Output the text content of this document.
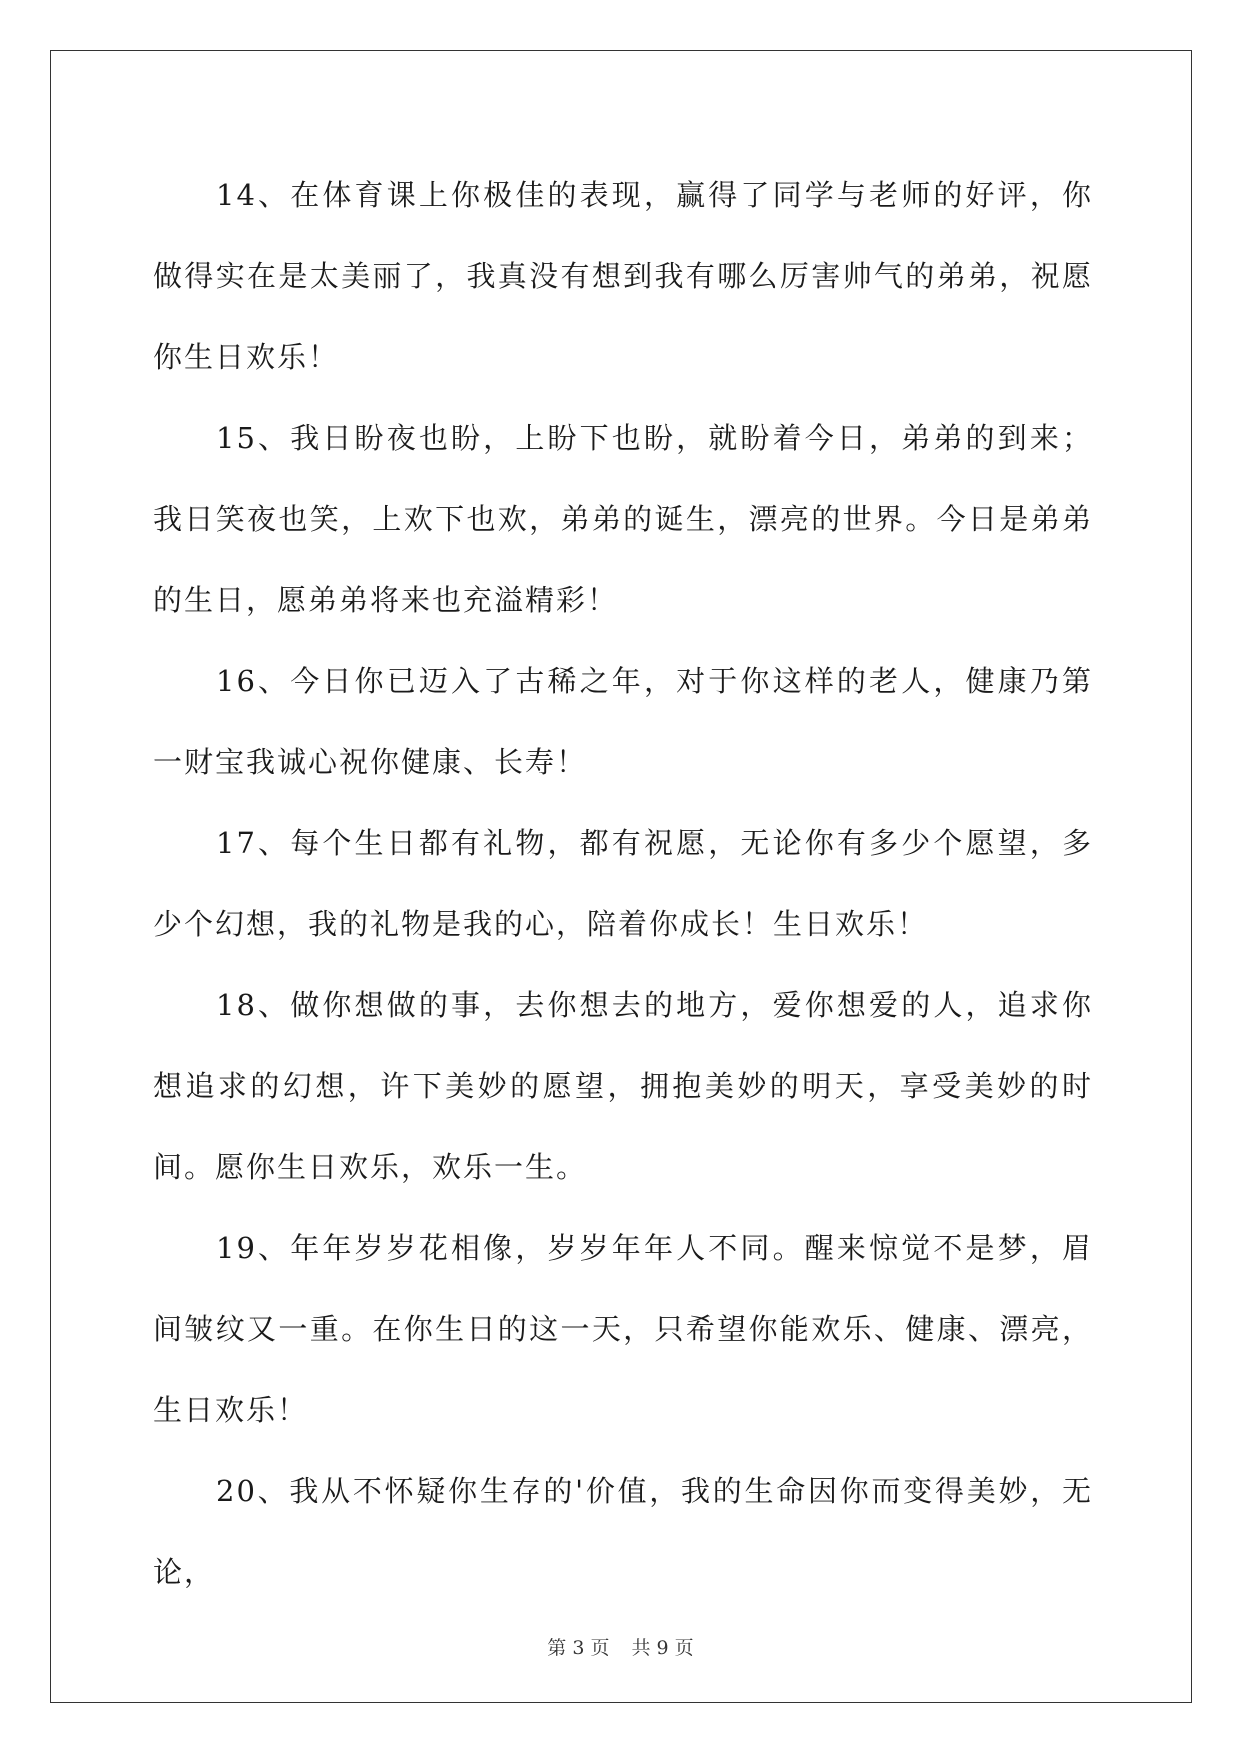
14、在体育课上你极佳的表现，赢得了同学与老师的好评，你做得实在是太美丽了，我真没有想到我有哪么厉害帅气的弟弟，祝愿你生日欢乐！

15、我日盼夜也盼，上盼下也盼，就盼着今日，弟弟的到来；我日笑夜也笑，上欢下也欢，弟弟的诞生，漂亮的世界。今日是弟弟的生日，愿弟弟将来也充溢精彩！

16、今日你已迈入了古稀之年，对于你这样的老人，健康乃第一财宝我诚心祝你健康、长寿！

17、每个生日都有礼物，都有祝愿，无论你有多少个愿望，多少个幻想，我的礼物是我的心，陪着你成长！生日欢乐！

18、做你想做的事，去你想去的地方，爱你想爱的人，追求你想追求的幻想，许下美妙的愿望，拥抱美妙的明天，享受美妙的时间。愿你生日欢乐，欢乐一生。

19、年年岁岁花相像，岁岁年年人不同。醒来惊觉不是梦，眉间皱纹又一重。在你生日的这一天，只希望你能欢乐、健康、漂亮，生日欢乐！

20、我从不怀疑你生存的'价值，我的生命因你而变得美妙，无论，

第 3 页 共 9 页
